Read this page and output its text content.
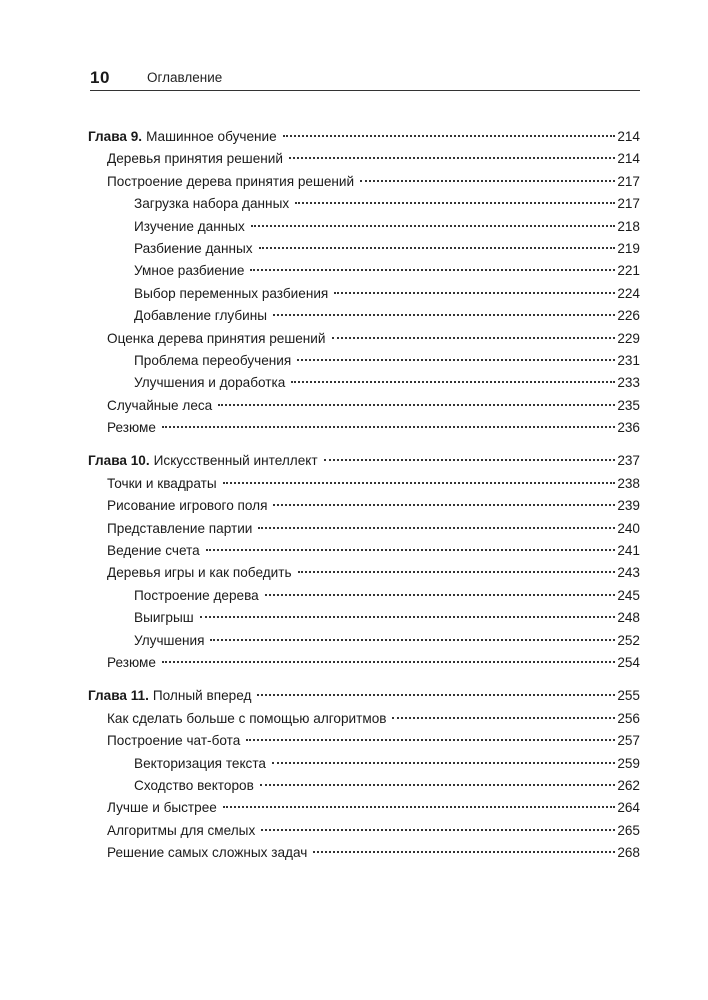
10	Оглавление
Глава 9. Машинное обучение	214
Деревья принятия решений	214
Построение дерева принятия решений	217
Загрузка набора данных	217
Изучение данных	218
Разбиение данных	219
Умное разбиение	221
Выбор переменных разбиения	224
Добавление глубины	226
Оценка дерева принятия решений	229
Проблема переобучения	231
Улучшения и доработка	233
Случайные леса	235
Резюме	236
Глава 10. Искусственный интеллект	237
Точки и квадраты	238
Рисование игрового поля	239
Представление партии	240
Ведение счета	241
Деревья игры и как победить	243
Построение дерева	245
Выигрыш	248
Улучшения	252
Резюме	254
Глава 11. Полный вперед	255
Как сделать больше с помощью алгоритмов	256
Построение чат-бота	257
Векторизация текста	259
Сходство векторов	262
Лучше и быстрее	264
Алгоритмы для смелых	265
Решение самых сложных задач	268
